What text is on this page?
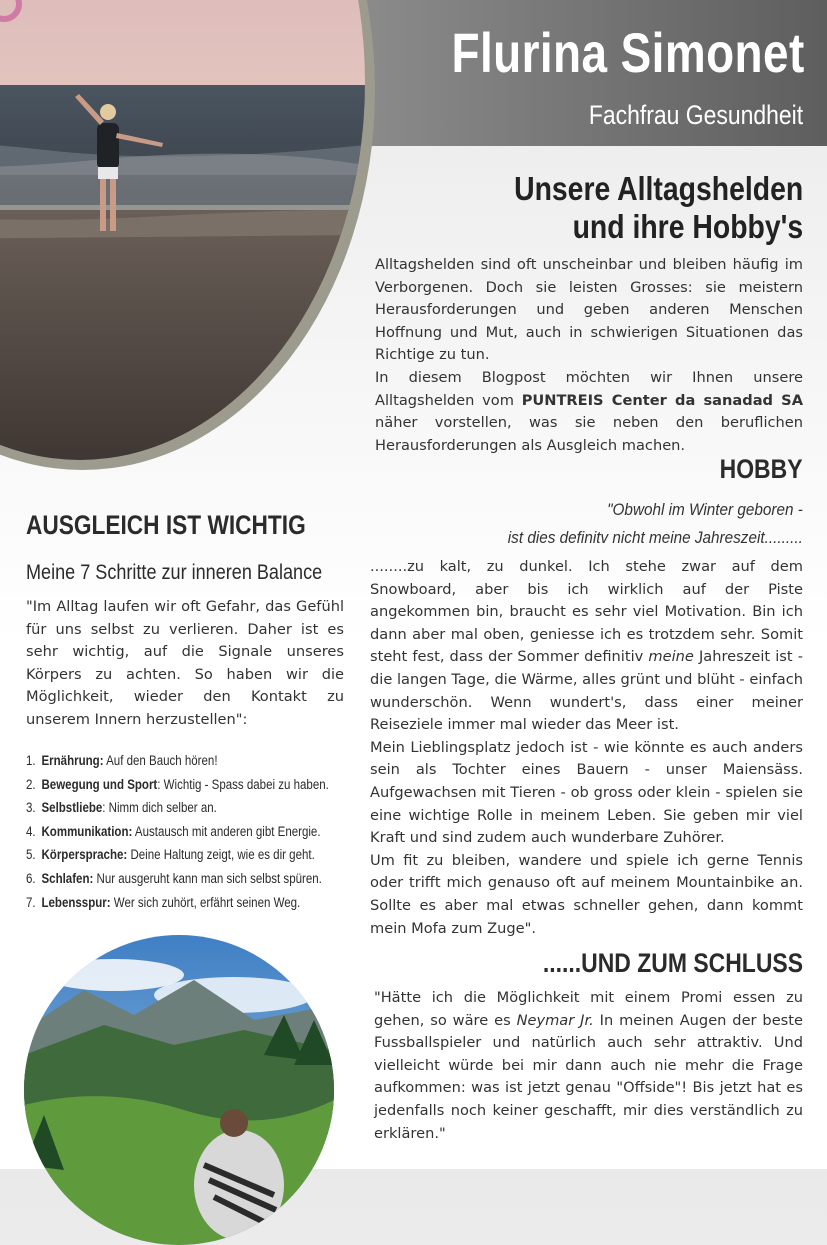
Flurina Simonet
Fachfrau Gesundheit
Unsere Alltagshelden
und ihre Hobby's

Alltagshelden sind oft unscheinbar und bleiben häufig im Verborgenen. Doch sie leisten Grosses: sie meistern Herausforderungen und geben anderen Menschen Hoffnung und Mut, auch in schwierigen Situationen das Richtige zu tun.

In diesem Blogpost möchten wir Ihnen unsere Alltagshelden vom PUNTREIS Center da sanadad SA näher vorstellen, was sie neben den beruflichen Herausforderungen als Ausgleich machen.

HOBBY
"Obwohl im Winter geboren -
ist dies definitv nicht meine Jahreszeit.........

........zu kalt, zu dunkel. Ich stehe zwar auf dem Snowboard, aber bis ich wirklich auf der Piste angekommen bin, braucht es sehr viel Motivation. Bin ich dann aber mal oben, geniesse ich es trotzdem sehr. Somit steht fest, dass der Sommer definitiv meine Jahreszeit ist - die langen Tage, die Wärme, alles grünt und blüht - einfach wunderschön. Wenn wundert's, dass einer meiner Reiseziele immer mal wieder das Meer ist.

Mein Lieblingsplatz jedoch ist - wie könnte es auch anders sein als Tochter eines Bauern - unser Maiensäss. Aufgewachsen mit Tieren - ob gross oder klein - spielen sie eine wichtige Rolle in meinem Leben. Sie geben mir viel Kraft und sind zudem auch wunderbare Zuhörer.

Um fit zu bleiben, wandere und spiele ich gerne Tennis oder trifft mich genauso oft auf meinem Mountainbike an. Sollte es aber mal etwas schneller gehen, dann kommt mein Mofa zum Zuge".

AUSGLEICH IST WICHTIG
Meine 7 Schritte zur inneren Balance
"Im Alltag laufen wir oft Gefahr, das Gefühl für uns selbst zu verlieren. Daher ist es sehr wichtig, auf die Signale unseres Körpers zu achten. So haben wir die Möglichkeit, wieder den Kontakt zu unserem Innern herzustellen":
1. Ernährung: Auf den Bauch hören!
2. Bewegung und Sport: Wichtig - Spass dabei zu haben.
3. Selbstliebe: Nimm dich selber an.
4. Kommunikation: Austausch mit anderen gibt Energie.
5. Körpersprache: Deine Haltung zeigt, wie es dir geht.
6. Schlafen: Nur ausgeruht kann man sich selbst spüren.
7. Lebensspur: Wer sich zuhört, erfährt seinen Weg.
......UND ZUM SCHLUSS

"Hätte ich die Möglichkeit mit einem Promi essen zu gehen, so wäre es Neymar Jr. In meinen Augen der beste Fussballspieler und natürlich auch sehr attraktiv. Und vielleicht würde bei mir dann auch nie mehr die Frage aufkommen: was ist jetzt genau "Offside"! Bis jetzt hat es jedenfalls noch keiner geschafft, mir dies verständlich zu erklären."
